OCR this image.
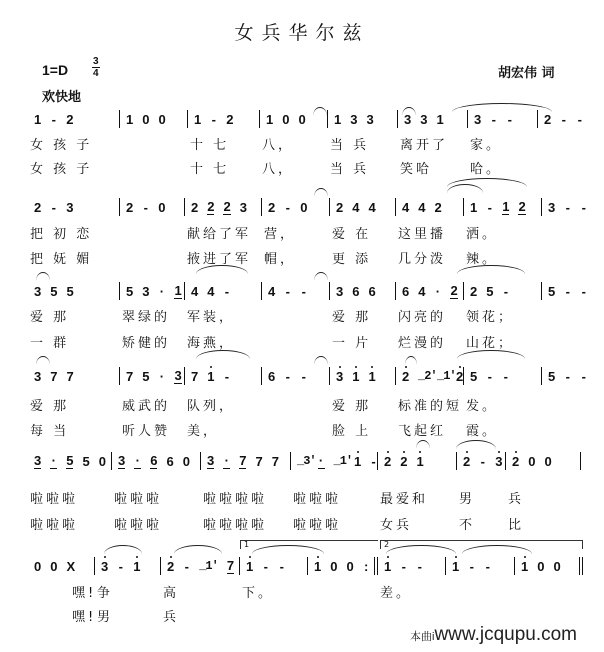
女兵华尔兹
1=D
3
4	胡宏伟 词
欢快地
1 - 2	1 0 0 1 - 2	1 0 0 1 3 3 3 3 1 3 - - 2 - -
女 孩 子	十 七	八，	当 兵	离开了	家。
女 孩 子	十 七	八，	当 兵	笑哈	哈。
2 - 3	2 - 0 2 2 2 3 2 - 0 2 4 4 4 4 2 1 - 1 2 3 - -
把 初 恋	献给了军 营，	爱 在	这里播	洒。
把 妩 媚	掖进了军 帽，	更 添	几分泼	辣。
3 5 5	5 3 · 1 4 4 -	4 - - 3 6 6 6 4 · 2 2 5 -	5 - -
爱 那	翠绿的	军装，	爱 那	闪亮的	领花；
一 群	矫健的	海燕，	一 片	烂漫的	山花；
3 7 7	7 5 · 3 7 1 -	6 - - 3 1 1 2 _2' _1' 2 5 - -	5 - -
爱 那	威武的	队列，	爱 那	标准的短 发。
每 当	听人赞	美，	脸 上	飞起红	霞。
3 · 5 5 0 3 · 6 6 0 3 · 7 7 7 _3' · _1' 1 - 2 2 1	2 - 3 2 0 0
啦啦啦	啦啦啦	啦啦啦啦	啦啦啦	最爱和	男	兵
啦啦啦	啦啦啦	啦啦啦啦	啦啦啦	女兵	不	比
0 0 X 3 - 1 2 - _1' 7 1 - - 1 0 0 : 1 - - 1 - - 1 0 0
嘿! 争	高	下。	差。
嘿! 男	兵
1	2
本曲iwww.jcqupu.com
